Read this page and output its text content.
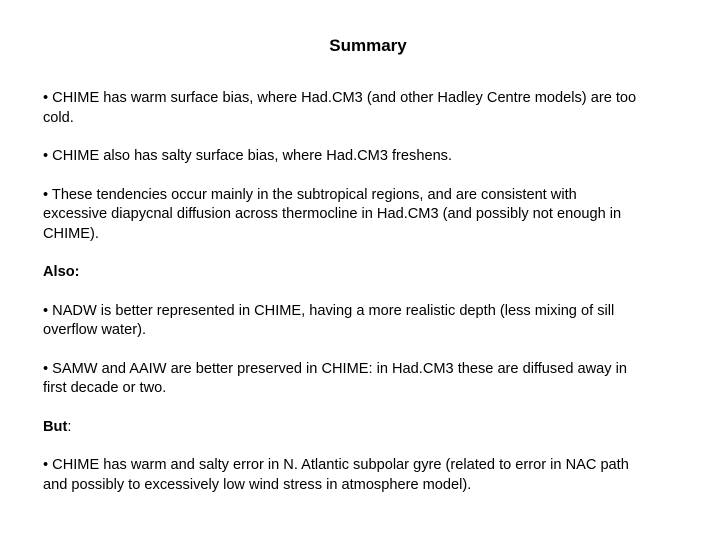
Summary

• CHIME has warm surface bias, where Had.CM3 (and other Hadley Centre models) are too cold.

• CHIME also has salty surface bias, where Had.CM3 freshens.

• These tendencies occur mainly in the subtropical regions, and are consistent with excessive diapycnal diffusion across thermocline in Had.CM3 (and possibly not enough in CHIME).

Also:

• NADW is better represented in CHIME, having a more realistic depth (less mixing of sill overflow water).

• SAMW and AAIW are better preserved in CHIME: in Had.CM3 these are diffused away in first decade or two.

But:

• CHIME has warm and salty error in N. Atlantic subpolar gyre (related to error in NAC path and possibly to excessively low wind stress in atmosphere model).
